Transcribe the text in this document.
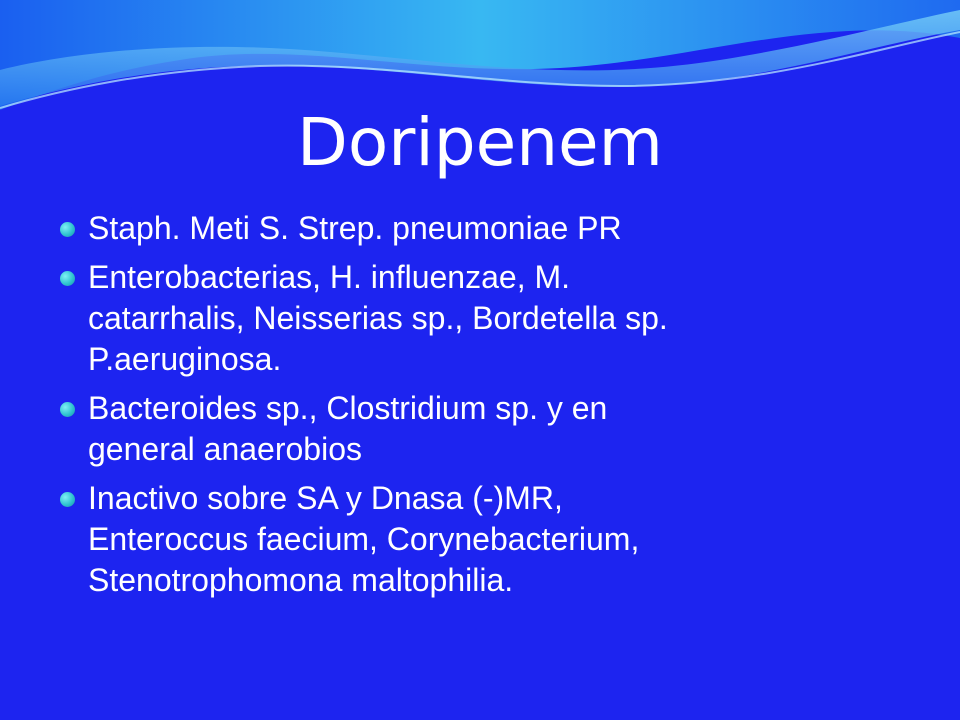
Doripenem
Staph. Meti S. Strep. pneumoniae PR
Enterobacterias, H. influenzae, M.
catarrhalis, Neisserias sp., Bordetella sp.
P.aeruginosa.
Bacteroides sp., Clostridium sp. y en
general anaerobios
Inactivo sobre SA y Dnasa (-)MR,
Enteroccus faecium, Corynebacterium,
Stenotrophomona maltophilia.
